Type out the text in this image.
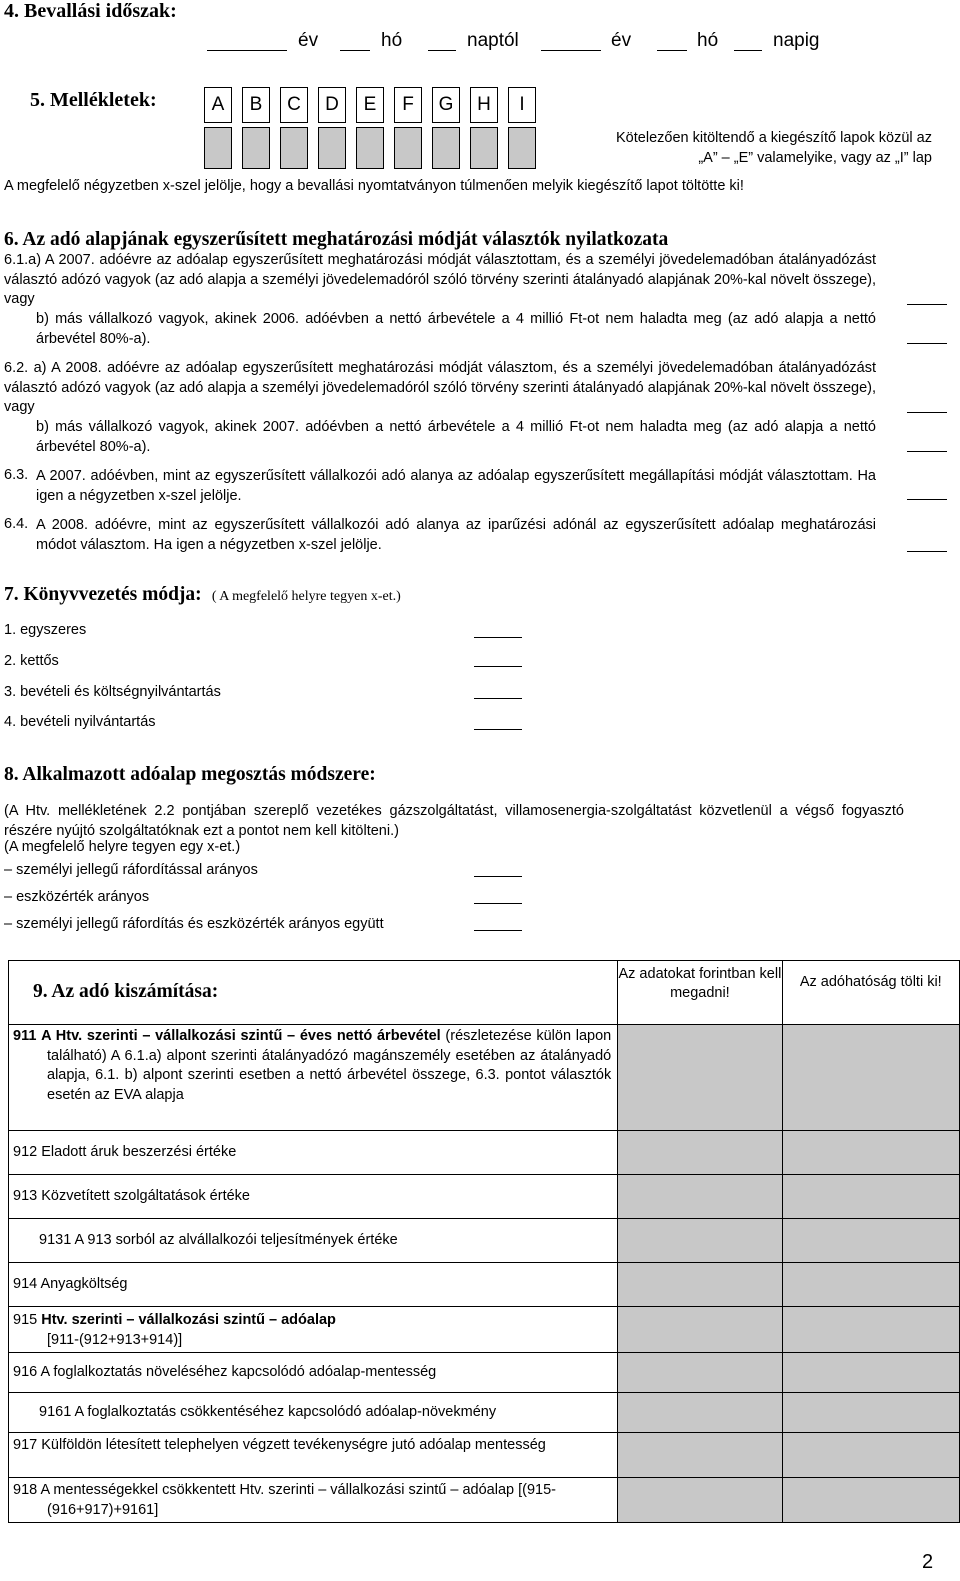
4. Bevallási időszak:
év	hó	naptól	év	hó	napig
5. Mellékletek:	A	B	C	D	E	F	G	H	I
Kötelezően kitöltendő a kiegészítő lapok közül az
„A” – „E” valamelyike, vagy az „I” lap
A megfelelő négyzetben x-szel jelölje, hogy a bevallási nyomtatványon túlmenően melyik kiegészítő lapot töltötte ki!
6. Az adó alapjának egyszerűsített meghatározási módját választók nyilatkozata
6.1.a) A 2007. adóévre az adóalap egyszerűsített meghatározási módját választottam, és a személyi jövedelemadóban átalányadózást választó adózó vagyok (az adó alapja a személyi jövedelemadóról szóló törvény szerinti átalányadó alapjának 20%-kal növelt összege), vagy
b) más vállalkozó vagyok, akinek 2006. adóévben a nettó árbevétele a 4 millió Ft-ot nem haladta meg (az adó alapja a nettó árbevétel 80%-a).
6.2. a) A 2008. adóévre az adóalap egyszerűsített meghatározási módját választom, és a személyi jövedelemadóban átalányadózást választó adózó vagyok (az adó alapja a személyi jövedelemadóról szóló törvény szerinti átalányadó alapjának 20%-kal növelt összege), vagy
b) más vállalkozó vagyok, akinek 2007. adóévben a nettó árbevétele a 4 millió Ft-ot nem haladta meg (az adó alapja a nettó árbevétel 80%-a).
6.3. A 2007. adóévben, mint az egyszerűsített vállalkozói adó alanya az adóalap egyszerűsített megállapítási módját választottam. Ha igen a négyzetben x-szel jelölje.
6.4. A 2008. adóévre, mint az egyszerűsített vállalkozói adó alanya az iparűzési adónál az egyszerűsített adóalap meghatározási módot választom. Ha igen a négyzetben x-szel jelölje.
7. Könyvvezetés módja: ( A megfelelő helyre tegyen x-et.)
1. egyszeres
2. kettős
3. bevételi és költségnyilvántartás
4. bevételi nyilvántartás
8. Alkalmazott adóalap megosztás módszere:
(A Htv. mellékletének 2.2 pontjában szereplő vezetékes gázszolgáltatást, villamosenergia-szolgáltatást közvetlenül a végső fogyasztó részére nyújtó szolgáltatóknak ezt a pontot nem kell kitölteni.)
(A megfelelő helyre tegyen egy x-et.)
– személyi jellegű ráfordítással arányos
– eszközérték arányos
– személyi jellegű ráfordítás és eszközérték arányos együtt
9. Az adó kiszámítása:	Az adatokat forintban kell megadni!	Az adóhatóság tölti ki!
911 A Htv. szerinti – vállalkozási szintű – éves nettó árbevétel (részletezése külön lapon található) A 6.1.a) alpont szerinti átalányadózó magánszemély esetében az átalányadó alapja, 6.1. b) alpont szerinti esetben a nettó árbevétel összege, 6.3. pontot választók esetén az EVA alapja		
912 Eladott áruk beszerzési értéke		
913 Közvetített szolgáltatások értéke		
9131 A 913 sorból az alvállalkozói teljesítmények értéke		
914 Anyagköltség		
915 Htv. szerinti – vállalkozási szintű – adóalap
[911-(912+913+914)]		
916 A foglalkoztatás növeléséhez kapcsolódó adóalap-mentesség		
9161 A foglalkoztatás csökkentéséhez kapcsolódó adóalap-növekmény		
917 Külföldön létesített telephelyen végzett tevékenységre jutó adóalap mentesség		
918 A mentességekkel csökkentett Htv. szerinti – vállalkozási szintű – adóalap [(915-(916+917)+9161]		
2
